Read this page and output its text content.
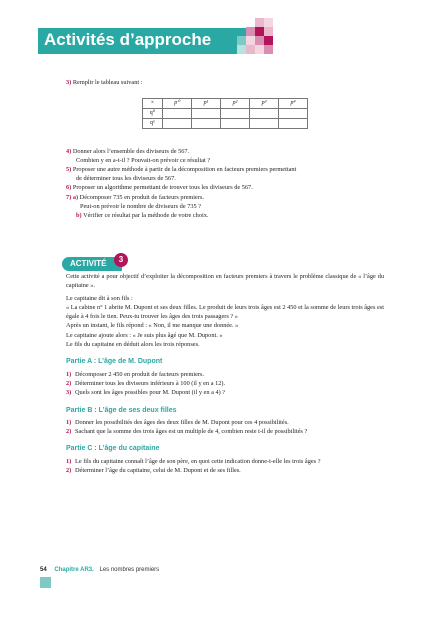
Activités d’approche
3) Remplir le tableau suivant :
×	p⁰	p¹	p²	p³	p⁴
q⁰					
q¹					
4) Donner alors l’ensemble des diviseurs de 567.
Combien y en a-t-il ? Pouvait-on prévoir ce résultat ?
5) Proposer une autre méthode à partir de la décomposition en facteurs premiers permettant
de déterminer tous les diviseurs de 567.
6) Proposer un algorithme permettant de trouver tous les diviseurs de 567.
7) a) Décomposer 735 en produit de facteurs premiers.
Peut-on prévoir le nombre de diviseurs de 735 ?
b) Vérifier ce résultat par la méthode de votre choix.
ACTIVITÉ	3

Cette activité a pour objectif d’exploiter la décomposition en facteurs premiers à travers le problème classique de « l’âge du capitaine ».

Le capitaine dit à son fils :
« La cabine n° 1 abrite M. Dupont et ses deux filles. Le produit de leurs trois âges est 2 450 et la somme de leurs trois âges est égale à 4 fois le tien. Peux-tu trouver les âges des trois passagers ? »
Après un instant, le fils répond : « Non, il me manque une donnée. »
Le capitaine ajoute alors : « Je suis plus âgé que M. Dupont. »
Le fils du capitaine en déduit alors les trois réponses.
Partie A : L’âge de M. Dupont
1) Décomposer 2 450 en produit de facteurs premiers.
2) Déterminer tous les diviseurs inférieurs à 100 (il y en a 12).
3) Quels sont les âges possibles pour M. Dupont (il y en a 4) ?
Partie B : L’âge de ses deux filles
1) Donner les possibilités des âges des deux filles de M. Dupont pour ces 4 possibilités.
2) Sachant que la somme des trois âges est un multiple de 4, combien reste t-il de possibilités ?
Partie C : L’âge du capitaine
1) Le fils du capitaine connaît l’âge de son père, en quoi cette indication donne-t-elle les trois âges ?
2) Déterminer l’âge du capitaine, celui de M. Dupont et de ses filles.
54 Chapitre AR3. Les nombres premiers
